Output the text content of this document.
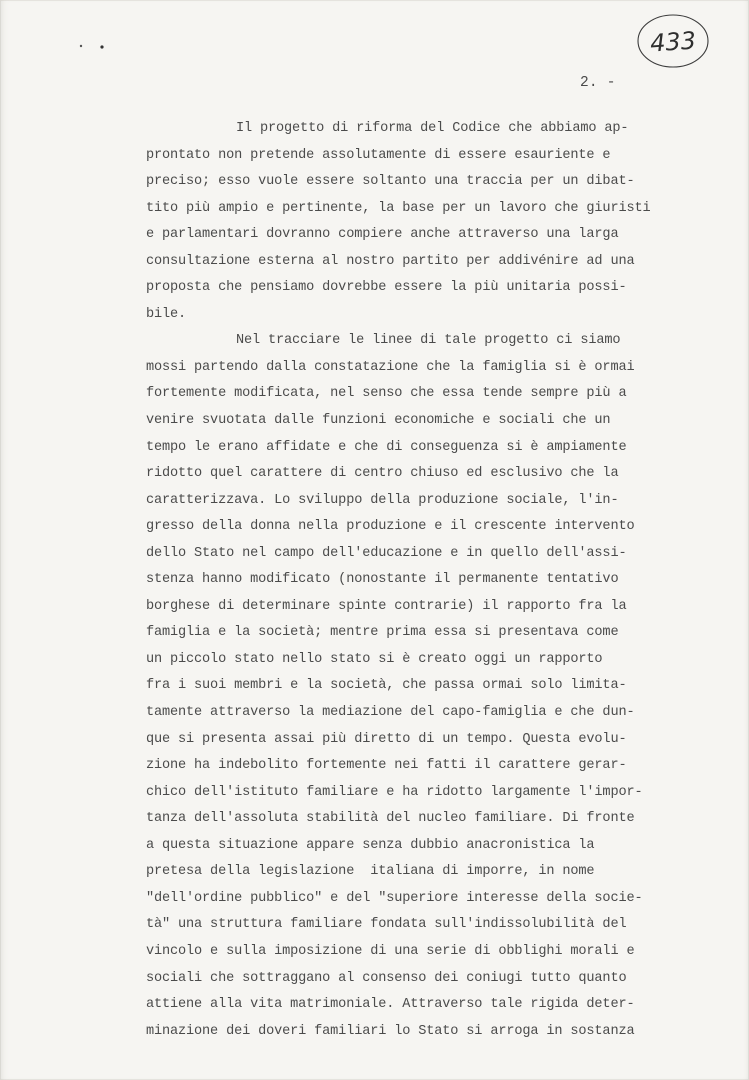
433
2. -
Il progetto di riforma del Codice che abbiamo ap-
prontato non pretende assolutamente di essere esauriente e
preciso; esso vuole essere soltanto una traccia per un dibat-
tito più ampio e pertinente, la base per un lavoro che giuristi
e parlamentari dovranno compiere anche attraverso una larga
consultazione esterna al nostro partito per addivénire ad una
proposta che pensiamo dovrebbe essere la più unitaria possi-
bile.
Nel tracciare le linee di tale progetto ci siamo
mossi partendo dalla constatazione che la famiglia si è ormai
fortemente modificata, nel senso che essa tende sempre più a
venire svuotata dalle funzioni economiche e sociali che un
tempo le erano affidate e che di conseguenza si è ampiamente
ridotto quel carattere di centro chiuso ed esclusivo che la
caratterizzava. Lo sviluppo della produzione sociale, l'in-
gresso della donna nella produzione e il crescente intervento
dello Stato nel campo dell'educazione e in quello dell'assi-
stenza hanno modificato (nonostante il permanente tentativo
borghese di determinare spinte contrarie) il rapporto fra la
famiglia e la società; mentre prima essa si presentava come
un piccolo stato nello stato si è creato oggi un rapporto
fra i suoi membri e la società, che passa ormai solo limita-
tamente attraverso la mediazione del capo-famiglia e che dun-
que si presenta assai più diretto di un tempo. Questa evolu-
zione ha indebolito fortemente nei fatti il carattere gerar-
chico dell'istituto familiare e ha ridotto largamente l'impor-
tanza dell'assoluta stabilità del nucleo familiare. Di fronte
a questa situazione appare senza dubbio anacronistica la
pretesa della legislazione  italiana di imporre, in nome
"dell'ordine pubblico" e del "superiore interesse della socie-
tà" una struttura familiare fondata sull'indissolubilità del
vincolo e sulla imposizione di una serie di obblighi morali e
sociali che sottraggano al consenso dei coniugi tutto quanto
attiene alla vita matrimoniale. Attraverso tale rigida deter-
minazione dei doveri familiari lo Stato si arroga in sostanza
